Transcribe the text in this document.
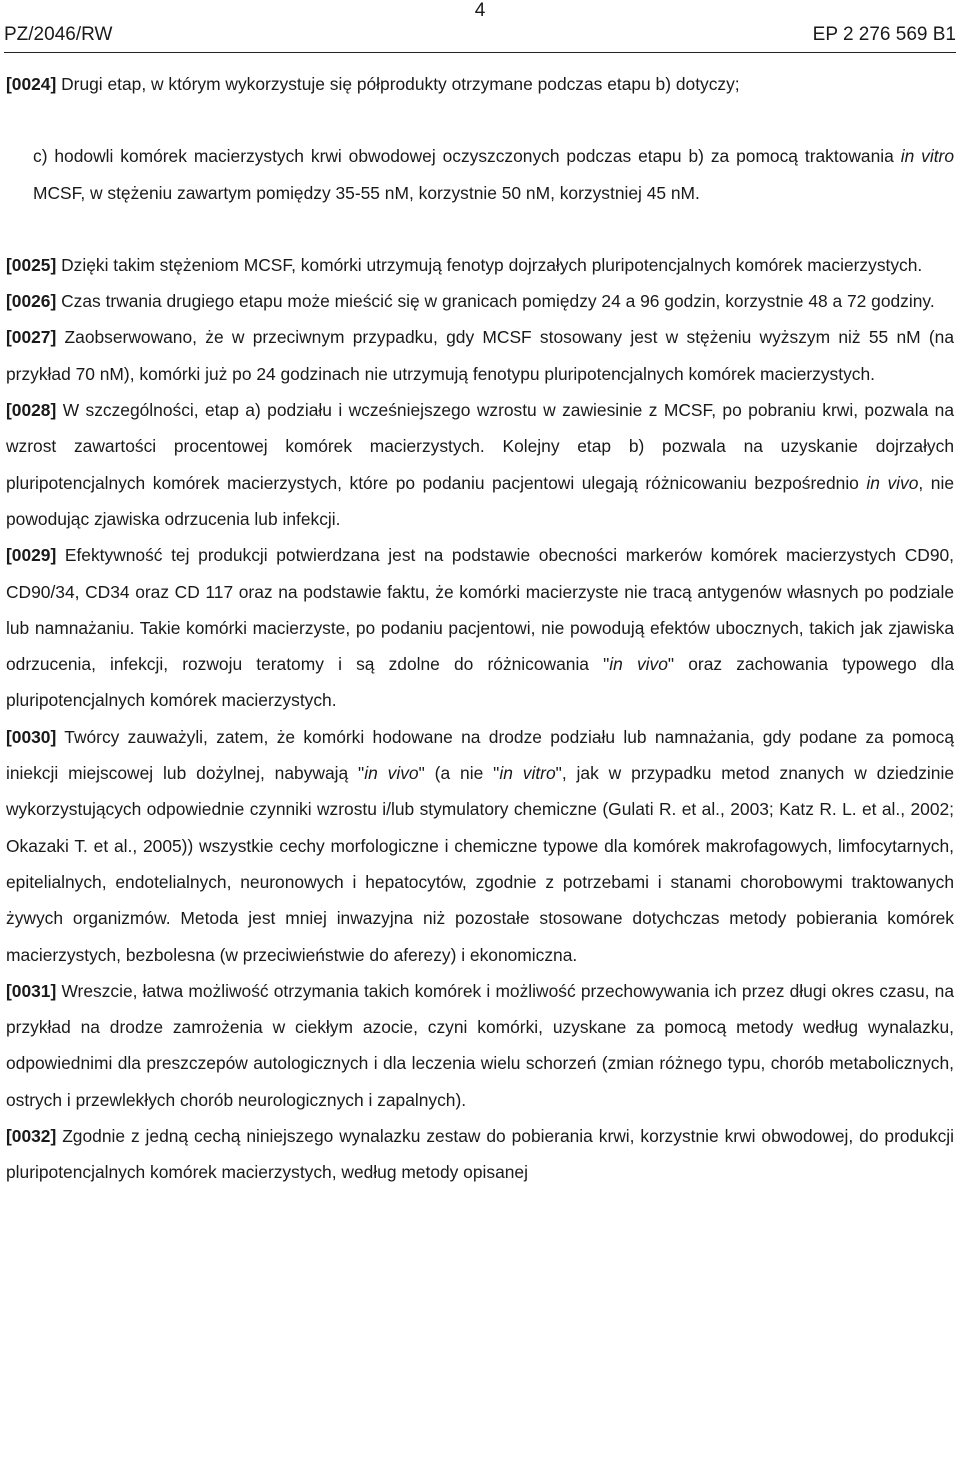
4
PZ/2046/RW	EP 2 276 569 B1

[0024] Drugi etap, w którym wykorzystuje się półprodukty otrzymane podczas etapu b) dotyczy;

c) hodowli komórek macierzystych krwi obwodowej oczyszczonych podczas etapu b) za pomocą traktowania in vitro MCSF, w stężeniu zawartym pomiędzy 35-55 nM, korzystnie 50 nM, korzystniej 45 nM.

[0025] Dzięki takim stężeniom MCSF, komórki utrzymują fenotyp dojrzałych pluripotencjalnych komórek macierzystych.

[0026] Czas trwania drugiego etapu może mieścić się w granicach pomiędzy 24 a 96 godzin, korzystnie 48 a 72 godziny.

[0027] Zaobserwowano, że w przeciwnym przypadku, gdy MCSF stosowany jest w stężeniu wyższym niż 55 nM (na przykład 70 nM), komórki już po 24 godzinach nie utrzymują fenotypu pluripotencjalnych komórek macierzystych.

[0028] W szczególności, etap a) podziału i wcześniejszego wzrostu w zawiesinie z MCSF, po pobraniu krwi, pozwala na wzrost zawartości procentowej komórek macierzystych. Kolejny etap b) pozwala na uzyskanie dojrzałych pluripotencjalnych komórek macierzystych, które po podaniu pacjentowi ulegają różnicowaniu bezpośrednio in vivo, nie powodując zjawiska odrzucenia lub infekcji.

[0029] Efektywność tej produkcji potwierdzana jest na podstawie obecności markerów komórek macierzystych CD90, CD90/34, CD34 oraz CD 117 oraz na podstawie faktu, że komórki macierzyste nie tracą antygenów własnych po podziale lub namnażaniu. Takie komórki macierzyste, po podaniu pacjentowi, nie powodują efektów ubocznych, takich jak zjawiska odrzucenia, infekcji, rozwoju teratomy i są zdolne do różnicowania "in vivo" oraz zachowania typowego dla pluripotencjalnych komórek macierzystych.

[0030] Twórcy zauważyli, zatem, że komórki hodowane na drodze podziału lub namnażania, gdy podane za pomocą iniekcji miejscowej lub dożylnej, nabywają "in vivo" (a nie "in vitro", jak w przypadku metod znanych w dziedzinie wykorzystujących odpowiednie czynniki wzrostu i/lub stymulatory chemiczne (Gulati R. et al., 2003; Katz R. L. et al., 2002; Okazaki T. et al., 2005)) wszystkie cechy morfologiczne i chemiczne typowe dla komórek makrofagowych, limfocytarnych, epitelialnych, endotelialnych, neuronowych i hepatocytów, zgodnie z potrzebami i stanami chorobowymi traktowanych żywych organizmów. Metoda jest mniej inwazyjna niż pozostałe stosowane dotychczas metody pobierania komórek macierzystych, bezbolesna (w przeciwieństwie do aferezy) i ekonomiczna.

[0031] Wreszcie, łatwa możliwość otrzymania takich komórek i możliwość przechowywania ich przez długi okres czasu, na przykład na drodze zamrożenia w ciekłym azocie, czyni komórki, uzyskane za pomocą metody według wynalazku, odpowiednimi dla preszczepów autologicznych i dla leczenia wielu schorzeń (zmian różnego typu, chorób metabolicznych, ostrych i przewlekłych chorób neurologicznych i zapalnych).

[0032] Zgodnie z jedną cechą niniejszego wynalazku zestaw do pobierania krwi, korzystnie krwi obwodowej, do produkcji pluripotencjalnych komórek macierzystych, według metody opisanej
